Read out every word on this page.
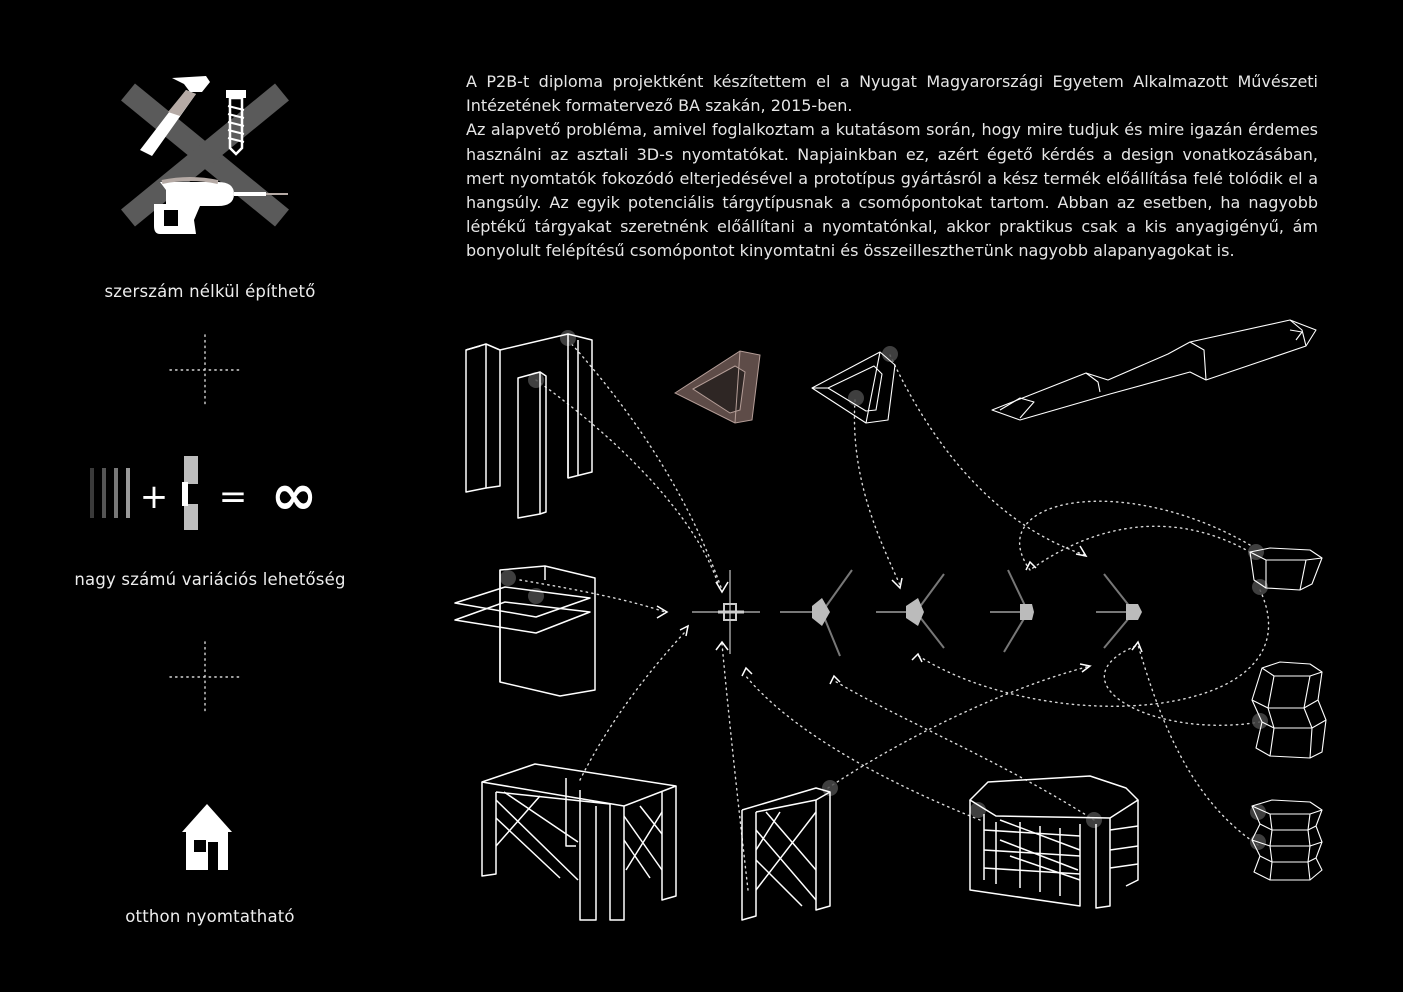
szerszám nélkül építhető
+ = ∞
nagy számú variációs lehetőség
otthon nyomtatható

A P2B-t diploma projektként készítettem el a Nyugat Magyarországi Egyetem Alkalmazott Művészeti Intézetének formatervező BA szakán, 2015-ben.

Az alapvető probléma, amivel foglalkoztam a kutatásom során, hogy mire tudjuk és mire igazán érdemes használni az asztali 3D-s nyomtatókat. Napjainkban ez, azért égető kérdés a design vonatkozásában, mert nyomtatók fokozódó elterjedésével a prototípus gyártásról a kész termék előállítása felé tolódik el a hangsúly. Az egyik potenciális tárgytípusnak a csomópontokat tartom. Abban az esetben, ha nagyobb léptékű tárgyakat szeretnénk előállítani a nyomtatónkal, akkor praktikus csak a kis anyagigényű, ám bonyolult felépítésű csomópontot kinyomtatni és összeillesztheтünk nagyobb alapanyagokat is.
